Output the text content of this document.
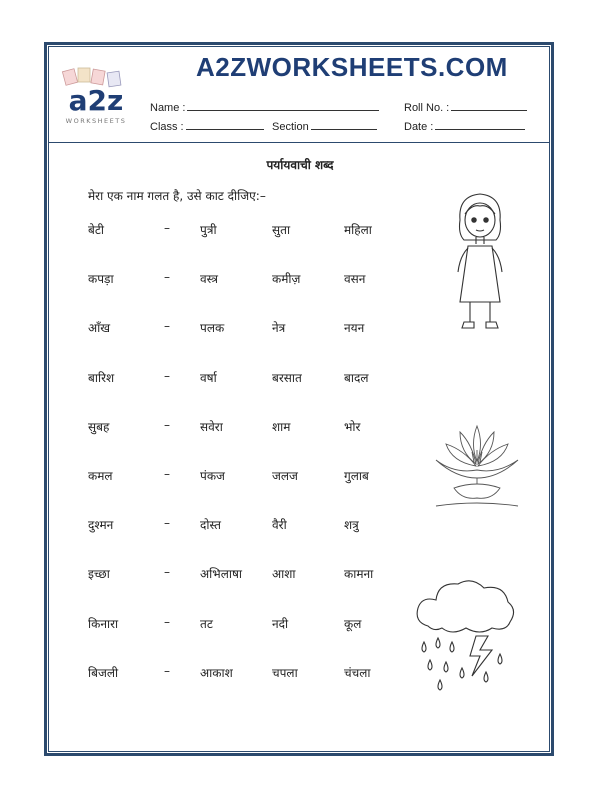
A2ZWORKSHEETS.COM
a2z
WORKSHEETS
Name :	Roll No. :
Class :	Section	Date :
पर्यायवाची शब्द
मेरा एक नाम गलत है, उसे काट दीजिए:–
बेटी	–	पुत्री	सुता	महिला
कपड़ा	–	वस्त्र	कमीज़	वसन
आँख	–	पलक	नेत्र	नयन
बारिश	–	वर्षा	बरसात	बादल
सुबह	–	सवेरा	शाम	भोर
कमल	–	पंकज	जलज	गुलाब
दुश्मन	–	दोस्त	वैरी	शत्रु
इच्छा	–	अभिलाषा आशा	कामना
किनारा	–	तट	नदी	कूल
बिजली	–	आकाश	चपला	चंचला
